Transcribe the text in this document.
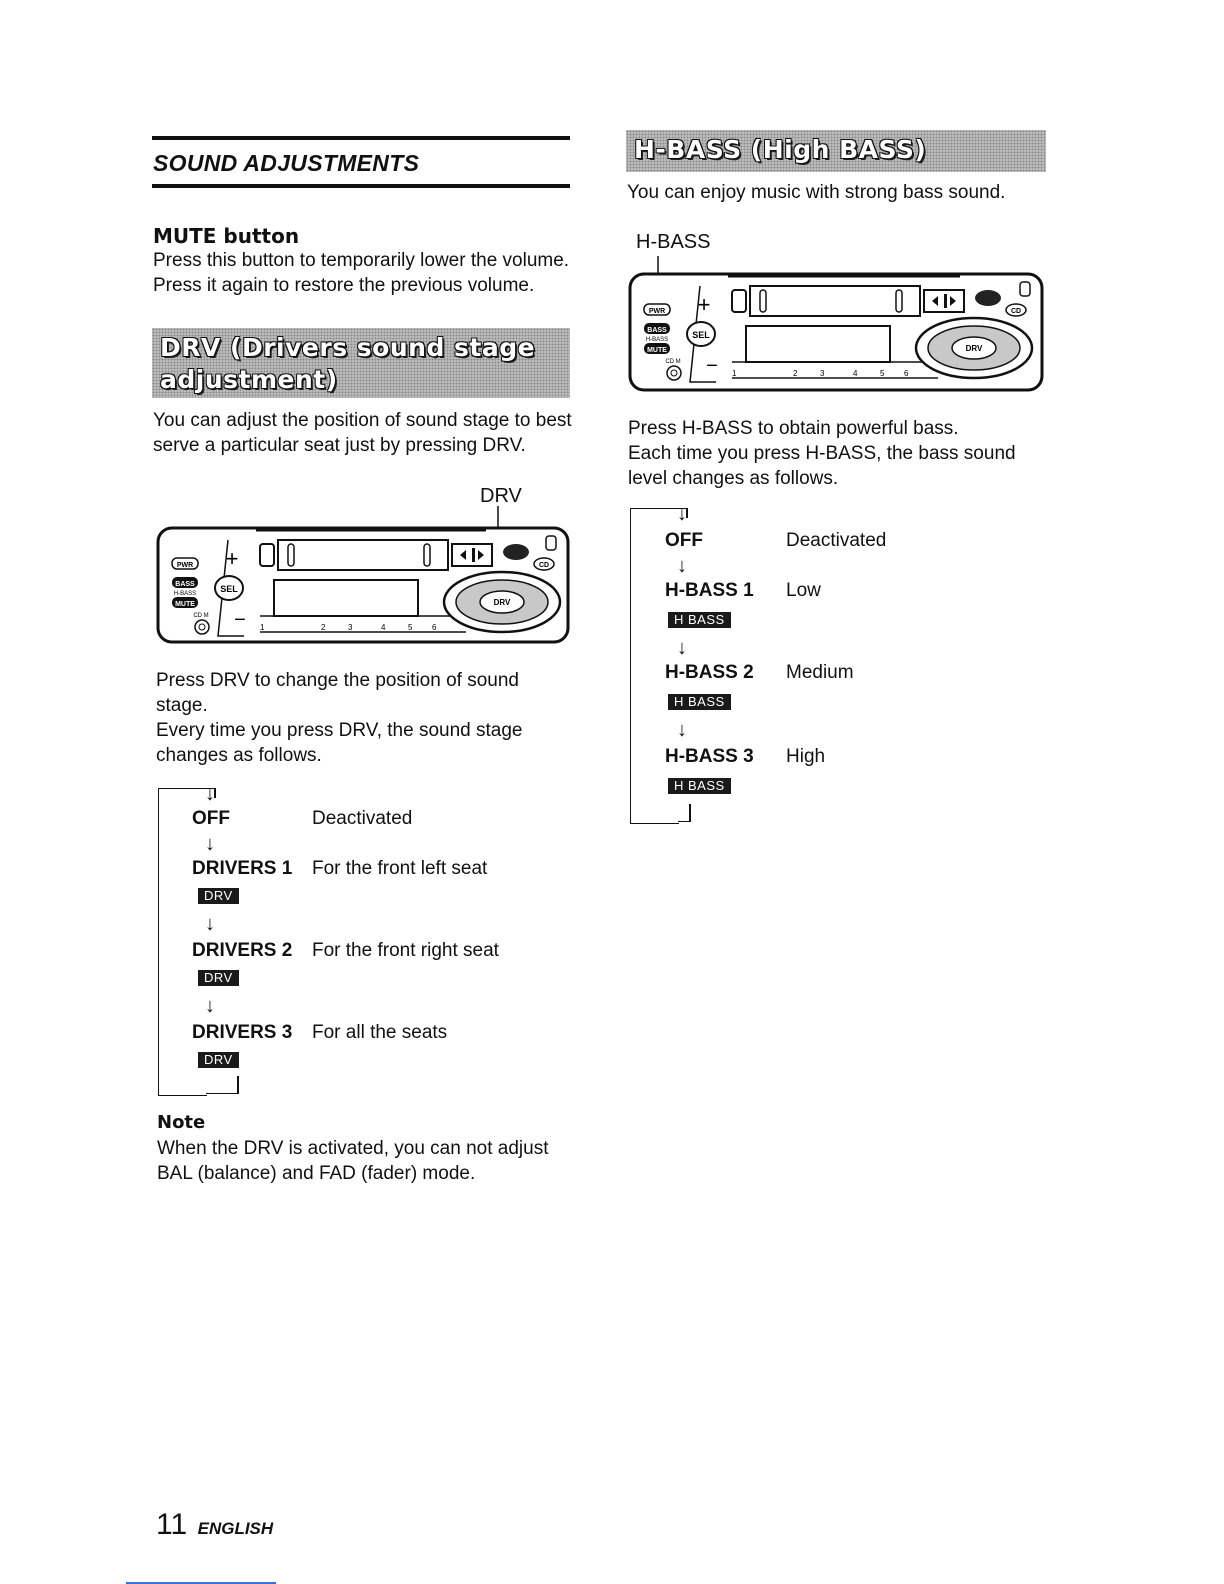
SOUND ADJUSTMENTS
MUTE button
Press this button to temporarily lower the volume.
Press it again to restore the previous volume.
DRV (Drivers sound stage
adjustment)
You can adjust the position of sound stage to best
serve a particular seat just by pressing DRV.
DRV
PWR
BASS
H-BASS
MUTE
CD M
+
SEL
− 1	2	3	4	5 6
CD
DRV
Press DRV to change the position of sound
stage.
Every time you press DRV, the sound stage
changes as follows.
↓
OFF	Deactivated
↓
DRIVERS 1 For the front left seat
DRV
↓
DRIVERS 2 For the front right seat
DRV
↓
DRIVERS 3 For all the seats
DRV
Note
When the DRV is activated, you can not adjust
BAL (balance) and FAD (fader) mode.
H-BASS (High BASS)
You can enjoy music with strong bass sound.
H-BASS
PWR
BASS
H-BASS
MUTE
CD M
+
SEL
− 1	2	3	4	5 6
CD
DRV
Press H-BASS to obtain powerful bass.
Each time you press H-BASS, the bass sound
level changes as follows.
↓
OFF	Deactivated
↓
H-BASS 1 Low
H BASS
↓
H-BASS 2 Medium
H BASS
↓
H-BASS 3 High
H BASS
11 ENGLISH
